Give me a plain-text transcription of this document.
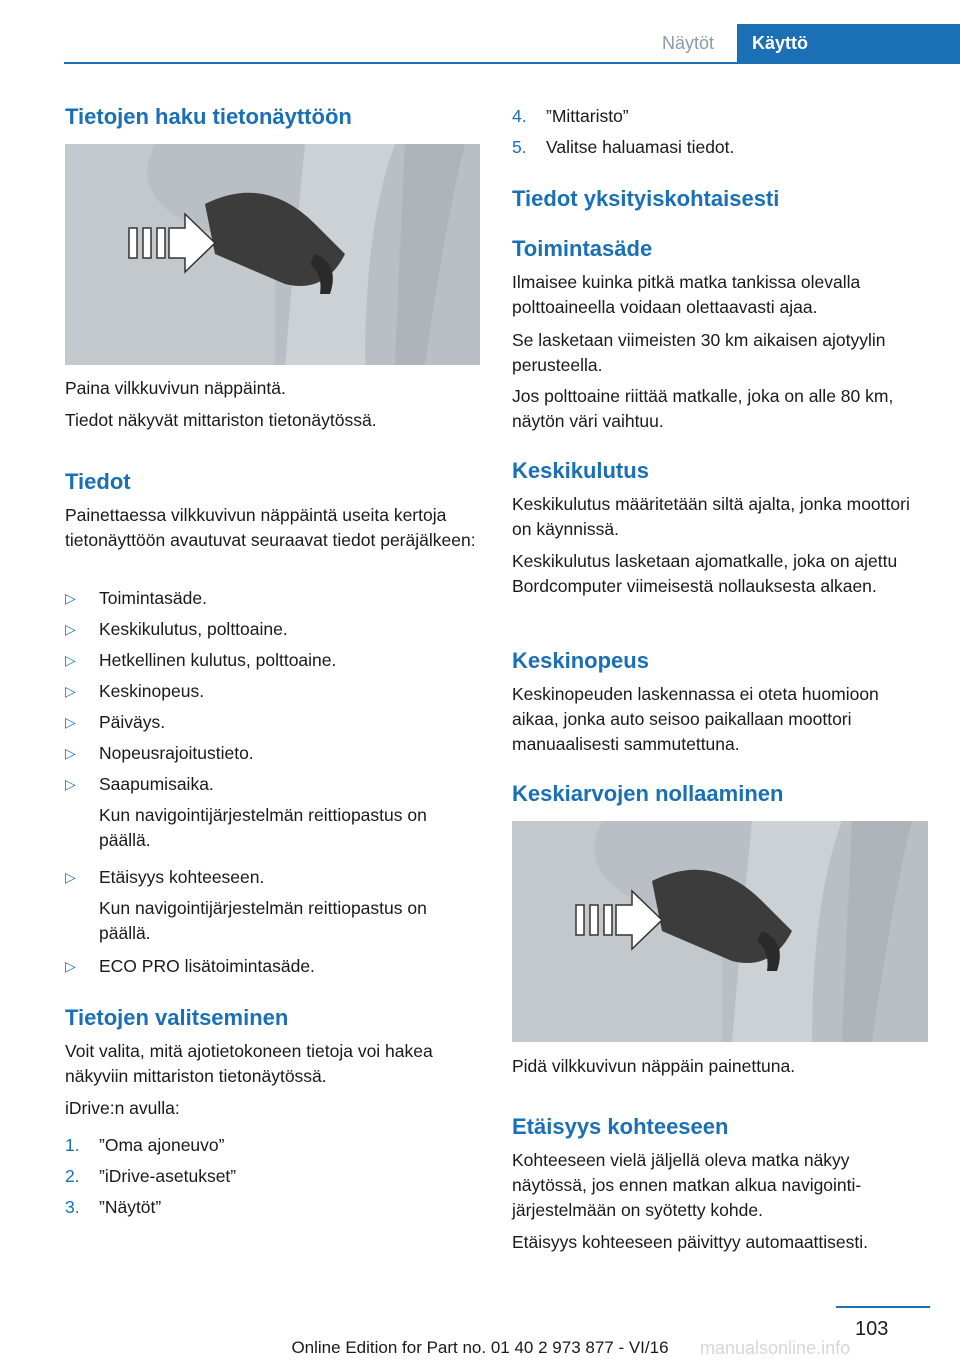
Näytöt	Käyttö
Tietojen haku tietonäyttöön

Paina vilkkuvivun näppäintä.

Tiedot näkyvät mittariston tietonäytössä.

Tiedot

Painettaessa vilkkuvivun näppäintä useita kertoja tietonäyttöön avautuvat seuraavat tiedot peräjälkeen:

▷ Toimintasäde.
▷ Keskikulutus, polttoaine.
▷ Hetkellinen kulutus, polttoaine.
▷ Keskinopeus.
▷ Päiväys.
▷ Nopeusrajoitustieto.
▷ Saapumisaika.
Kun navigointijärjestelmän reittiopastus on päällä.
▷ Etäisyys kohteeseen.
Kun navigointijärjestelmän reittiopastus on päällä.
▷ ECO PRO lisätoimintasäde.
Tietojen valitseminen

Voit valita, mitä ajotietokoneen tietoja voi hakea näkyviin mittariston tietonäytössä.

iDrive:n avulla:

1. ”Oma ajoneuvo”
2. ”iDrive-asetukset”
3. ”Näytöt”
4. ”Mittaristo”
5. Valitse haluamasi tiedot.
Tiedot yksityiskohtaisesti
Toimintasäde

Ilmaisee kuinka pitkä matka tankissa olevalla polttoaineella voidaan olettaavasti ajaa.

Se lasketaan viimeisten 30 km aikaisen ajotyylin perusteella.

Jos polttoaine riittää matkalle, joka on alle 80 km, näytön väri vaihtuu.

Keskikulutus

Keskikulutus määritetään siltä ajalta, jonka moottori on käynnissä.

Keskikulutus lasketaan ajomatkalle, joka on ajettu Bordcomputer viimeisestä nollauksesta alkaen.

Keskinopeus

Keskinopeuden laskennassa ei oteta huomioon aikaa, jonka auto seisoo paikallaan moottori manuaalisesti sammutettuna.

Keskiarvojen nollaaminen

Pidä vilkkuvivun näppäin painettuna.

Etäisyys kohteeseen

Kohteeseen vielä jäljellä oleva matka näkyy näytössä, jos ennen matkan alkua navigointijärjestelmään on syötetty kohde.

Etäisyys kohteeseen päivittyy automaattisesti.

103
manualsonline.info
Online Edition for Part no. 01 40 2 973 877 - VI/16
